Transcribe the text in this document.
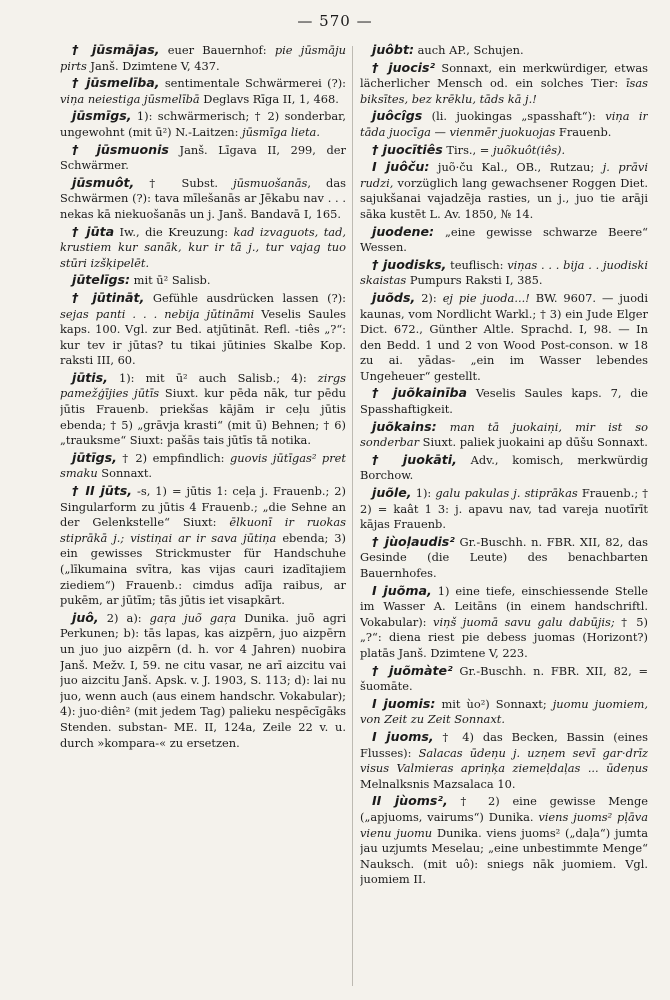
— 570 —

† jūsmājas, euer Bauernhof: pie jūsmāju pirts Janš. Dzimtene V, 437.

† jūsmelība, sentimentale Schwärmerei (?): viņa neiestiga jūsmelībā Deglavs Rīga II, 1, 468.

jūsmīgs, 1): schwärmerisch; † 2) sonderbar, ungewohnt (mit ū²) N.-Laitzen: jūsmīga lieta.

† jūsmuonis Janš. Līgava II, 299, der Schwärmer.

jūsmuôt, † Subst. jūsmuošanās, das Schwärmen (?): tava mīlešanās ar Jēkabu nav . . . nekas kā niekuošanās un j. Janš. Bandavā I, 165.

† jūta Iw., die Kreuzung: kad izvaguots, tad, krustiem kur sanāk, kur ir tā j., tur vajag tuo stūri izšķipelēt.

jūtelīgs: mit ū² Salisb.

† jūtināt, Gefühle ausdrücken lassen (?): sejas panti . . . nebija jūtināmi Veselis Saules kaps. 100. Vgl. zur Bed. atjūtināt. Refl. -tiês „?“: kur tev ir jūtas? tu tikai jūtinies Skalbe Kop. raksti III, 60.

jūtis, 1): mit ū² auch Salisb.; 4): zirgs pamežģījies jūtīs Siuxt. kur pēda nāk, tur pēdu jūtis Frauenb. priekšas kājām ir ceļu jūtis ebenda; † 5) „grāvja krasti“ (mit ū) Behnen; † 6) „trauksme“ Siuxt: pašās tais jūtīs tā notika.

jūtīgs, † 2) empfindlich: guovis jūtīgas² pret smaku Sonnaxt.

† II jūts, -s, 1) = jūtis 1: ceļa j. Frauenb.; 2) Singularform zu jūtis 4 Frauenb.; „die Sehne an der Gelenkstelle“ Siuxt: ēlkuonī ir ruokas stiprākā j.; vistiņai ar ir sava jūtiņa ebenda; 3) ein gewisses Strickmuster für Handschuhe („līkumaina svītra, kas vijas cauri izadītajiem ziediem“) Frauenb.: cimdus adīja raibus, ar pukēm, ar jūtīm; tās jūtis iet visapkārt.

juô, 2) a): gaŗa juõ gaŗa Dunika. juõ agri Perkunen; b): tās lapas, kas aizpērn, juo aizpērn un juo juo aizpērn (d. h. vor 4 Jahren) nuobira Janš. Mežv. I, 59. ne citu vasar, ne arī aizcitu vai juo aizcitu Janš. Apsk. v. J. 1903, S. 113; d): lai nu juo, wenn auch (aus einem handschr. Vokabular); 4): juo·diên² (mit jedem Tag) palieku nespēcīgāks Stenden. substan- ME. II, 124a, Zeile 22 v. u. durch »kompara-« zu ersetzen.

juôbt: auch AP., Schujen.

† juocis² Sonnaxt, ein merkwürdiger, etwas lächerlicher Mensch od. ein solches Tier: īsas biksītes, bez krēklu, tāds kā j.!

juôcîgs (li. juokingas „spasshaft“): viņa ir tāda juocīga — vienmēr juokuojas Frauenb.

† juocītiês Tirs., = juõkuôt(iês).

I juôču: juõ·ču Kal., OB., Rutzau; j. prāvi rudzi, vorzüglich lang gewachsener Roggen Diet. sajukšanai vajadzēja rasties, un j., juo tie arāji sāka kustēt L. Av. 1850, № 14.

juodene: „eine gewisse schwarze Beere“ Wessen.

† juodisks, teuflisch: viņas . . . bija . . juodiski skaistas Pumpurs Raksti I, 385.

juõds, 2): ej pie juoda...! BW. 9607. — juodi kaunas, vom Nordlicht Warkl.; † 3) ein Jude Elger Dict. 672., Günther Altle. Sprachd. I, 98. — In den Bedd. 1 und 2 von Wood Post-conson. w 18 zu ai. yādas- „ein im Wasser lebendes Ungeheuer“ gestellt.

† juõkainība Veselis Saules kaps. 7, die Spasshaftigkeit.

juõkains: man tā juokaiņi, mir ist so sonderbar Siuxt. paliek juokaini ap dūšu Sonnaxt.

† juokāti, Adv., komisch, merkwürdig Borchow.

juõle, 1): galu pakulas j. stiprākas Frauenb.; † 2) = kaât 1 3: j. apavu nav, tad vareja nuotīrīt kājas Frauenb.

† jùoļaudis² Gr.-Buschh. n. FBR. XII, 82, das Gesinde (die Leute) des benachbarten Bauernhofes.

I juõma, 1) eine tiefe, einschiessende Stelle im Wasser A. Leitāns (in einem handschriftl. Vokabular): viņš juomā savu galu dabūjis; † 5) „?“: diena riest pie debess juomas (Horizont?) platās Janš. Dzimtene V, 223.

† juõmàte² Gr.-Buschh. n. FBR. XII, 82, = šuomāte.

I juomis: mit ùo²) Sonnaxt; juomu juomiem, von Zeit zu Zeit Sonnaxt.

I juoms, † 4) das Becken, Bassin (eines Flusses): Salacas ūdeņu j. uzņem sevī gar·drīz visus Valmieras apriņķa ziemeļdaļas ... ūdeņus Melnalksnis Mazsalaca 10.

II jùoms², † 2) eine gewisse Menge („apjuoms, vairums“) Dunika. viens juoms² pļāva vienu juomu Dunika. viens juoms² („daļa“) jumta jau uzjumts Meselau; „eine unbestimmte Menge“ Nauksch. (mit uô): sniegs nāk juomiem. Vgl. juomiem II.
